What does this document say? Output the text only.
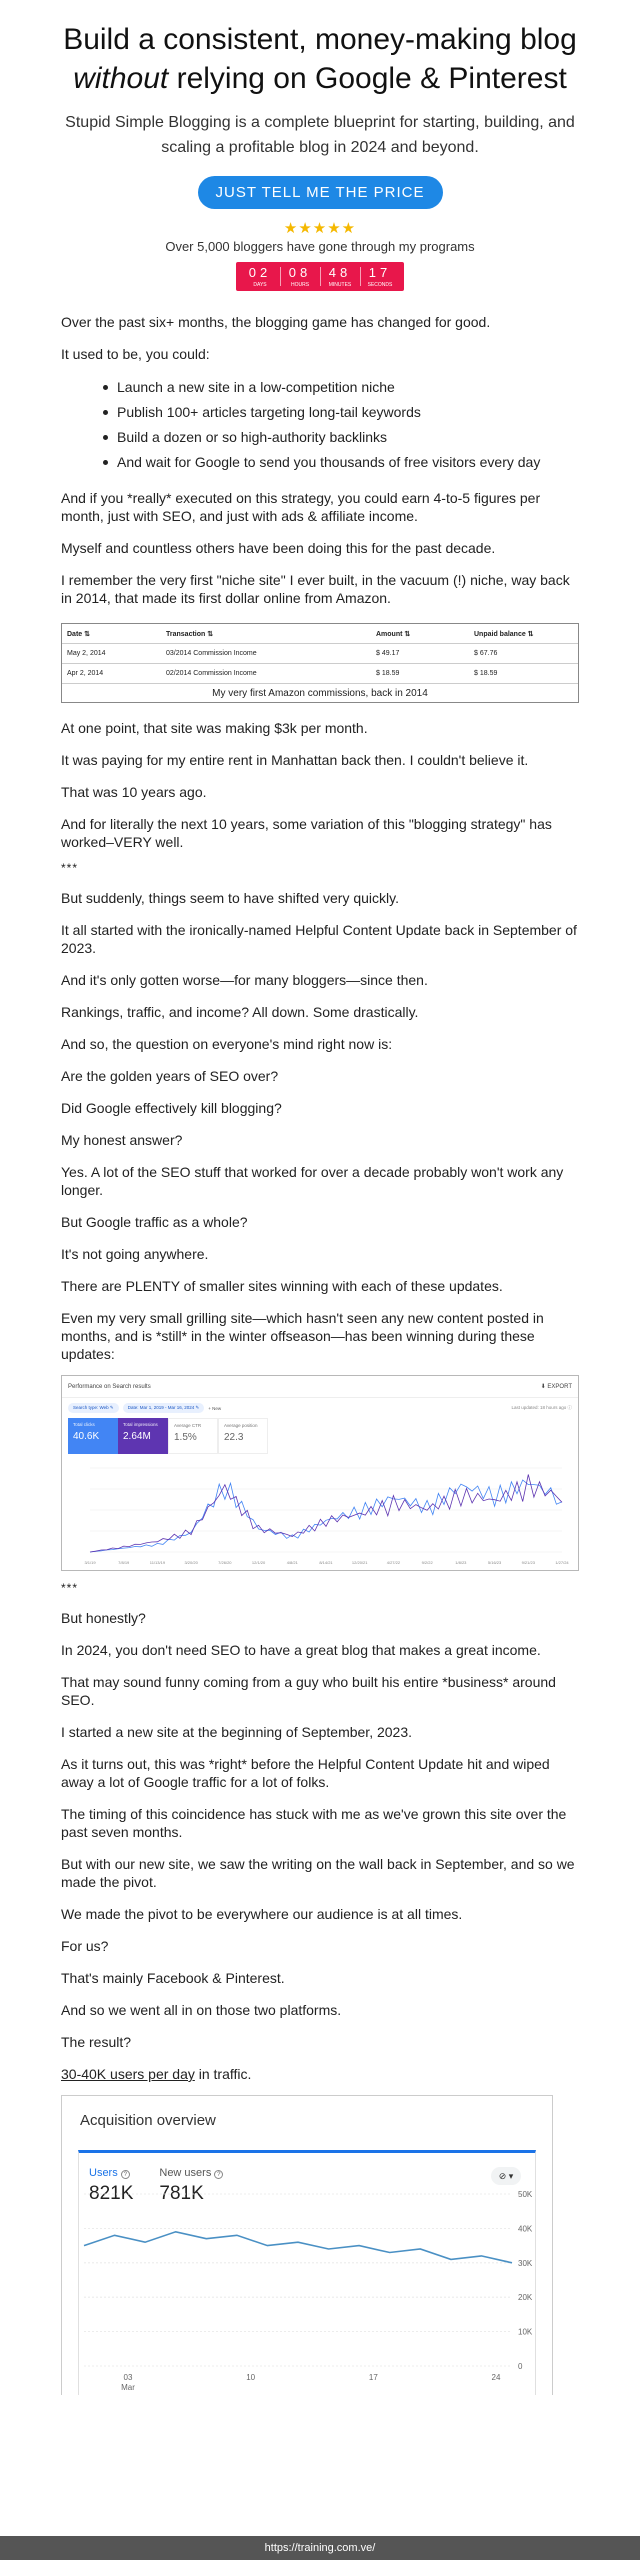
Build a consistent, money-making blog
without relying on Google & Pinterest
Stupid Simple Blogging is a complete blueprint for starting, building, and scaling a profitable blog in 2024 and beyond.
JUST TELL ME THE PRICE
★★★★★
Over 5,000 bloggers have gone through my programs
02
DAYS
08
HOURS
48
MINUTES
17
SECONDS
Over the past six+ months, the blogging game has changed for good.
It used to be, you could:
Launch a new site in a low-competition niche
Publish 100+ articles targeting long-tail keywords
Build a dozen or so high-authority backlinks
And wait for Google to send you thousands of free visitors every day
And if you *really* executed on this strategy, you could earn 4-to-5 figures per month, just with SEO, and just with ads & affiliate income.
Myself and countless others have been doing this for the past decade.
I remember the very first "niche site" I ever built, in the vacuum (!) niche, way back in 2014, that made its first dollar online from Amazon.
Date ⇅	Transaction ⇅	Amount ⇅	Unpaid balance ⇅
May 2, 2014	03/2014 Commission Income	$ 49.17	$ 67.76
Apr 2, 2014	02/2014 Commission Income	$ 18.59	$ 18.59
My very first Amazon commissions, back in 2014
At one point, that site was making $3k per month.
It was paying for my entire rent in Manhattan back then. I couldn't believe it.
That was 10 years ago.
And for literally the next 10 years, some variation of this "blogging strategy" has worked–VERY well.
***
But suddenly, things seem to have shifted very quickly.
It all started with the ironically-named Helpful Content Update back in September of 2023.
And it's only gotten worse—for many bloggers—since then.
Rankings, traffic, and income? All down. Some drastically.
And so, the question on everyone's mind right now is:
Are the golden years of SEO over?
Did Google effectively kill blogging?
My honest answer?
Yes. A lot of the SEO stuff that worked for over a decade probably won't work any longer.
But Google traffic as a whole?
It's not going anywhere.
There are PLENTY of smaller sites winning with each of these updates.
Even my very small grilling site—which hasn't seen any new content posted in months, and is *still* in the winter offseason—has been winning during these updates:
Performance on Search results	⬇ EXPORT
Search type: Web ✎	Date: Mar 1, 2019 - Mar 16, 2024 ✎	+ New	Last updated: 18 hours ago ⓘ
Total clicks
40.6K
Total impressions
2.64M
Average CTR
1.5%
Average position
22.3
3/1/19	7/8/19	11/13/19	3/20/20	7/26/20	12/1/20	4/8/21	8/14/21	12/20/21	4/27/22	9/2/22	1/8/23	5/16/23	9/21/23	1/27/24
***
But honestly?
In 2024, you don't need SEO to have a great blog that makes a great income.
That may sound funny coming from a guy who built his entire *business* around SEO.
I started a new site at the beginning of September, 2023.
As it turns out, this was *right* before the Helpful Content Update hit and wiped away a lot of Google traffic for a lot of folks.
The timing of this coincidence has stuck with me as we've grown this site over the past seven months.
But with our new site, we saw the writing on the wall back in September, and so we made the pivot.
We made the pivot to be everywhere our audience is at all times.
For us?
That's mainly Facebook & Pinterest.
And so we went all in on those two platforms.
The result?
30-40K users per day in traffic.
Acquisition overview
Users ?
821K
New users ?
781K
⊘ ▾
0
10K
20K
30K
40K
50K
03
Mar
10	17	24
https://training.com.ve/
